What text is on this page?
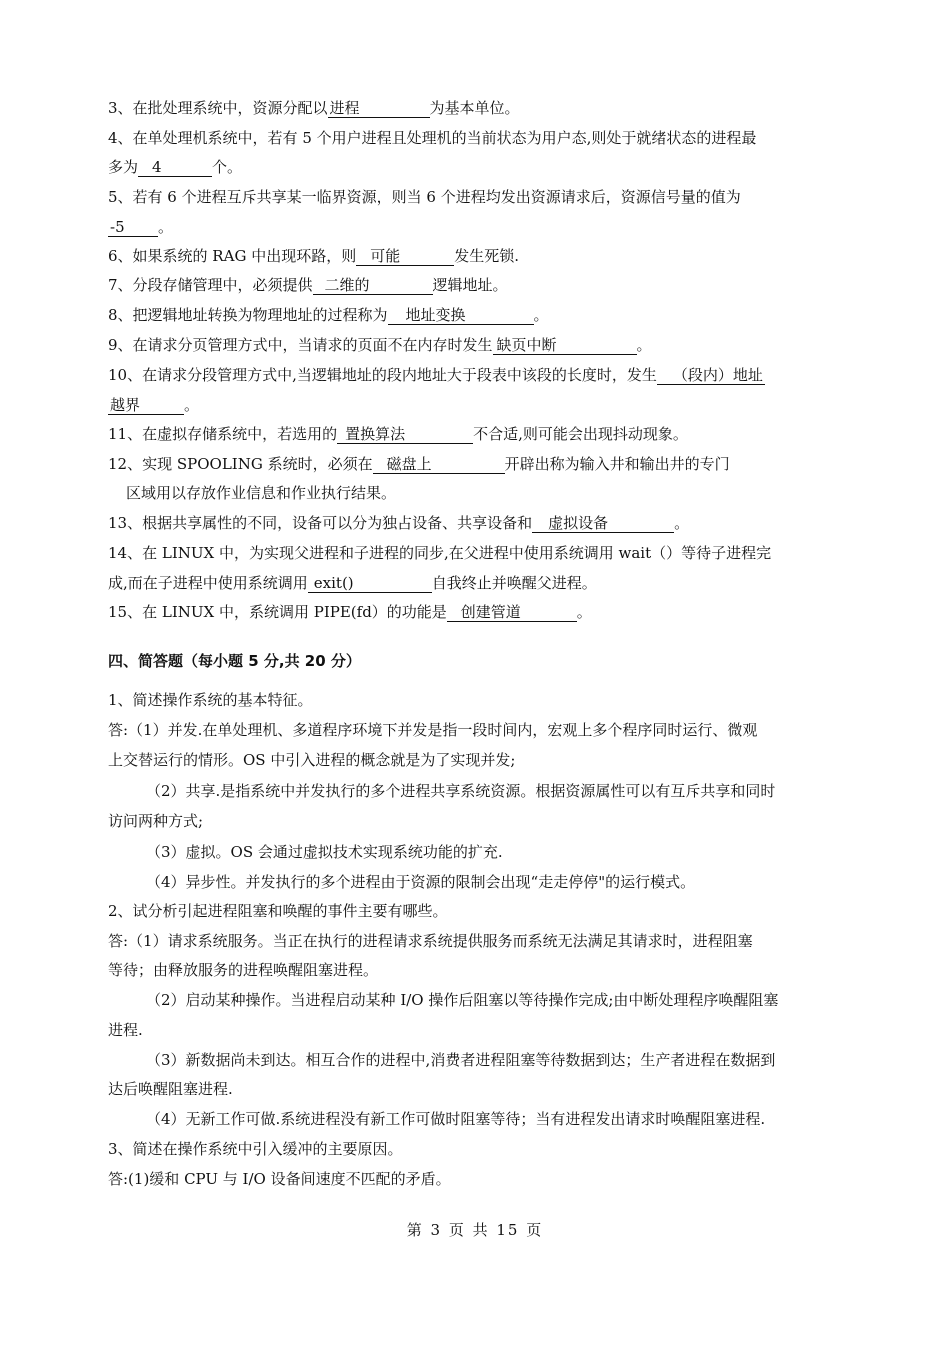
3、在批处理系统中，资源分配以 进程	为基本单位。
4、在单处理机系统中，若有 5 个用户进程且处理机的当前状态为用户态,则处于就绪状态的进程最
多为 4	个。
5、若有 6 个进程互斥共享某一临界资源，则当 6 个进程均发出资源请求后，资源信号量的值为
-5 。
6、如果系统的 RAG 中出现环路，则 可能	发生死锁.
7、分段存储管理中，必须提供 二维的	逻辑地址。
8、把逻辑地址转换为物理地址的过程称为 地址变换	。
9、在请求分页管理方式中，当请求的页面不在内存时发生 缺页中断	。
10、在请求分段管理方式中,当逻辑地址的段内地址大于段表中该段的长度时，发生 （段内）地址
越界	。
11、在虚拟存储系统中，若选用的 置换算法	不合适,则可能会出现抖动现象。
12、实现 SPOOLING 系统时，必须在 磁盘上	开辟出称为输入井和输出井的专门
区域用以存放作业信息和作业执行结果。
13、根据共享属性的不同，设备可以分为独占设备、共享设备和 虚拟设备	。
14、在 LINUX 中，为实现父进程和子进程的同步,在父进程中使用系统调用 wait（）等待子进程完
成,而在子进程中使用系统调用 exit()	自我终止并唤醒父进程。
15、在 LINUX 中，系统调用 PIPE(fd）的功能是 创建管道	。
四、简答题（每小题 5 分,共 20 分）
1、简述操作系统的基本特征。
答:（1）并发.在单处理机、多道程序环境下并发是指一段时间内，宏观上多个程序同时运行、微观
上交替运行的情形。OS 中引入进程的概念就是为了实现并发;
（2）共享.是指系统中并发执行的多个进程共享系统资源。根据资源属性可以有互斥共享和同时
访问两种方式;
（3）虚拟。OS 会通过虚拟技术实现系统功能的扩充.
（4）异步性。并发执行的多个进程由于资源的限制会出现“走走停停"的运行模式。
2、试分析引起进程阻塞和唤醒的事件主要有哪些。
答:（1）请求系统服务。当正在执行的进程请求系统提供服务而系统无法满足其请求时，进程阻塞
等待；由释放服务的进程唤醒阻塞进程。
（2）启动某种操作。当进程启动某种 I/O 操作后阻塞以等待操作完成;由中断处理程序唤醒阻塞
进程.
（3）新数据尚未到达。相互合作的进程中,消费者进程阻塞等待数据到达；生产者进程在数据到
达后唤醒阻塞进程.
（4）无新工作可做.系统进程没有新工作可做时阻塞等待；当有进程发出请求时唤醒阻塞进程.
3、简述在操作系统中引入缓冲的主要原因。
答:(1)缓和 CPU 与 I/O 设备间速度不匹配的矛盾。
第 3 页 共 15 页
